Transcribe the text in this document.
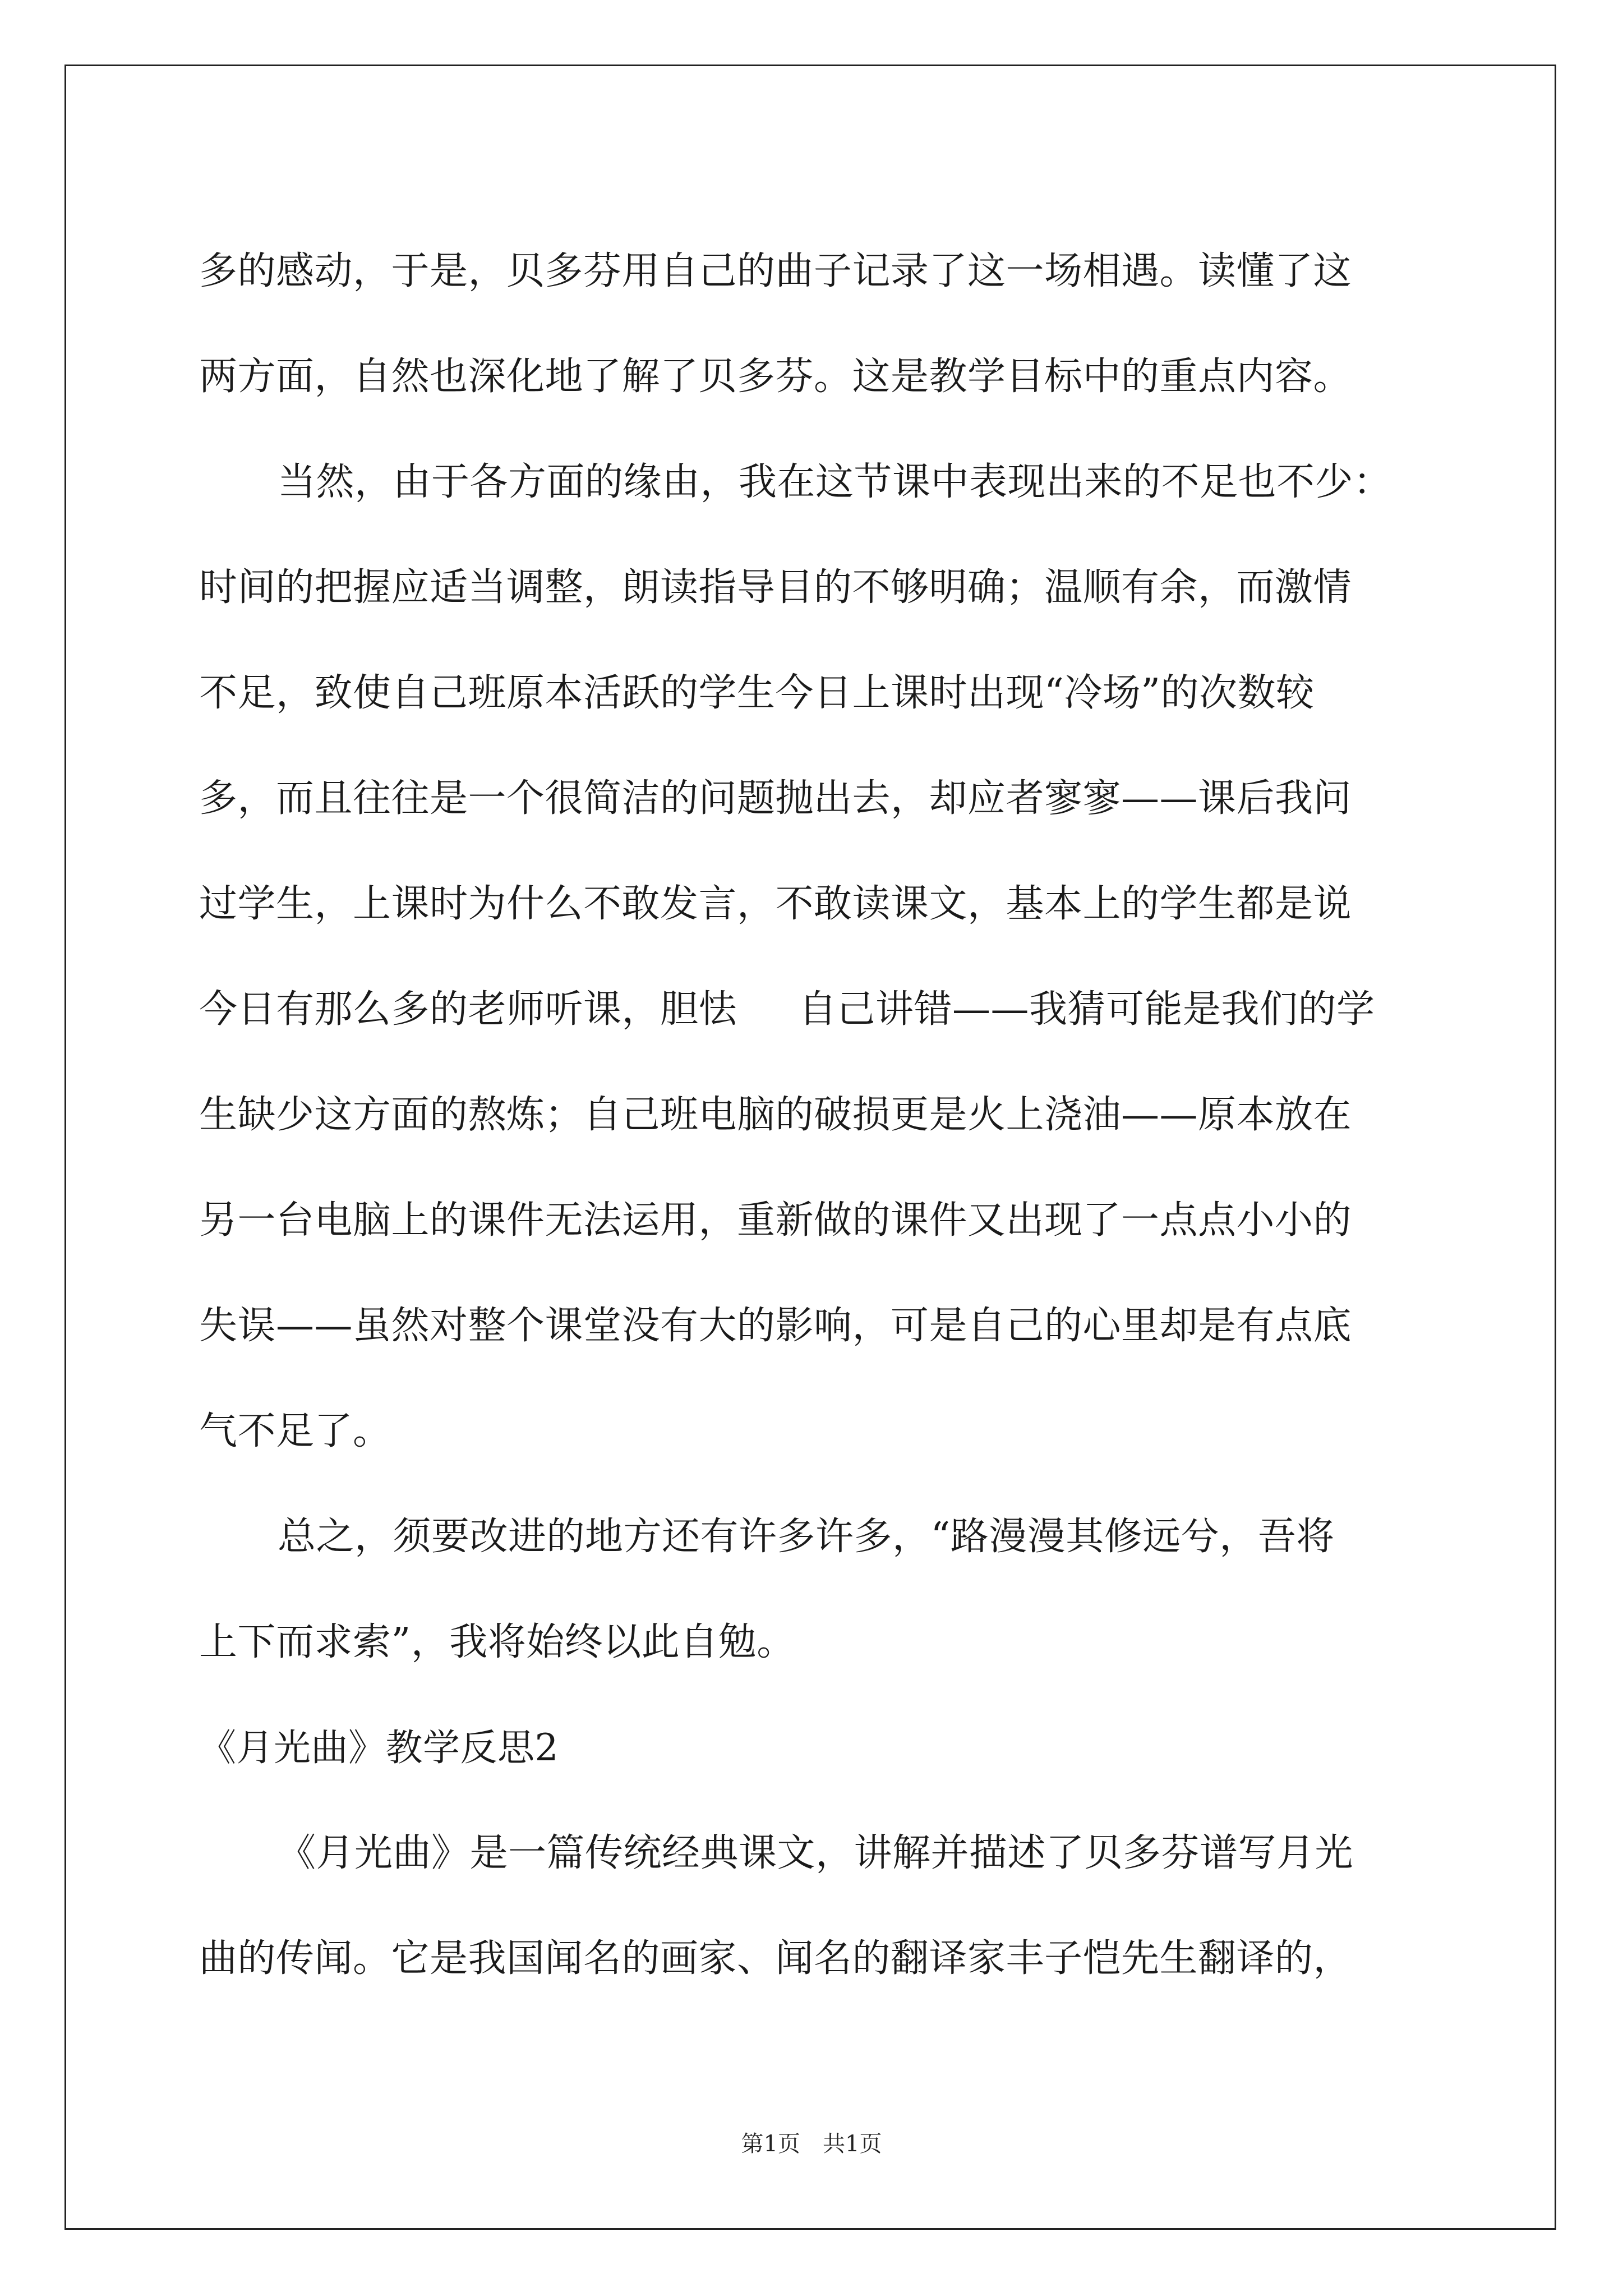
多的感动，于是，贝多芬用自己的曲子记录了这一场相遇。读懂了这
两方面，自然也深化地了解了贝多芬。这是教学目标中的重点内容。
当然，由于各方面的缘由，我在这节课中表现出来的不足也不少：
时间的把握应适当调整，朗读指导目的不够明确；温顺有余，而激情
不足，致使自己班原本活跃的学生今日上课时出现“冷场”的次数较
多，而且往往是一个很简洁的问题抛出去，却应者寥寥——课后我问
过学生，上课时为什么不敢发言，不敢读课文，基本上的学生都是说
今日有那么多的老师听课，胆怯 自己讲错——我猜可能是我们的学
生缺少这方面的熬炼；自己班电脑的破损更是火上浇油——原本放在
另一台电脑上的课件无法运用，重新做的课件又出现了一点点小小的
失误——虽然对整个课堂没有大的影响，可是自己的心里却是有点底
气不足了。
总之，须要改进的地方还有许多许多，“路漫漫其修远兮，吾将
上下而求索”，我将始终以此自勉。
《月光曲》教学反思2
《月光曲》是一篇传统经典课文，讲解并描述了贝多芬谱写月光
曲的传闻。它是我国闻名的画家、闻名的翻译家丰子恺先生翻译的，
第1页　共1页
